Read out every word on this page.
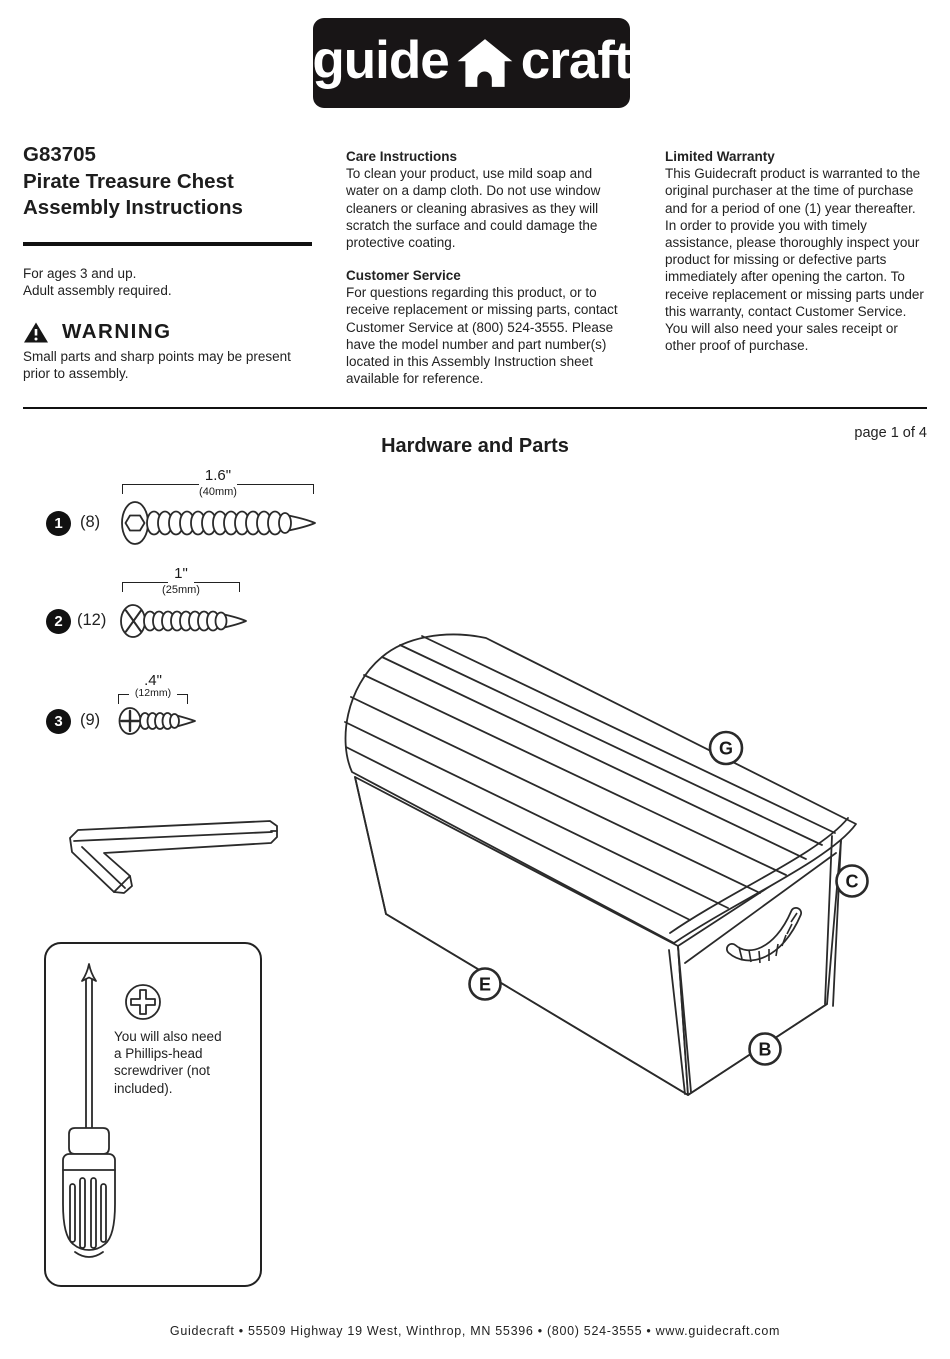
guide craft
G83705
Pirate Treasure Chest
Assembly Instructions
For ages 3 and up.
Adult assembly required.
WARNING
Small parts and sharp points may be present prior to assembly.
Care Instructions
To clean your product, use mild soap and water on a damp cloth. Do not use window cleaners or cleaning abrasives as they will scratch the surface and could damage the protective coating.
Customer Service
For questions regarding this product, or to receive replacement or missing parts, contact Customer Service at (800) 524-3555. Please have the model number and part number(s) located in this Assembly Instruction sheet available for reference.
Limited Warranty
This Guidecraft product is warranted to the original purchaser at the time of purchase and for a period of one (1) year thereafter. In order to provide you with timely assistance, please thoroughly inspect your product for missing or defective parts immediately after opening the carton. To receive replacement or missing parts under this warranty, contact Customer Service. You will also need your sales receipt or other proof of purchase.
page 1 of 4
Hardware and Parts
1.6"
(40mm)
1	(8)
1"
(25mm)
2 (12)
.4"
(12mm)
3	(9)
You will also need a Phillips-head screwdriver (not included).
G
C
E
B
Guidecraft • 55509 Highway 19 West, Winthrop, MN 55396 • (800) 524-3555 • www.guidecraft.com
